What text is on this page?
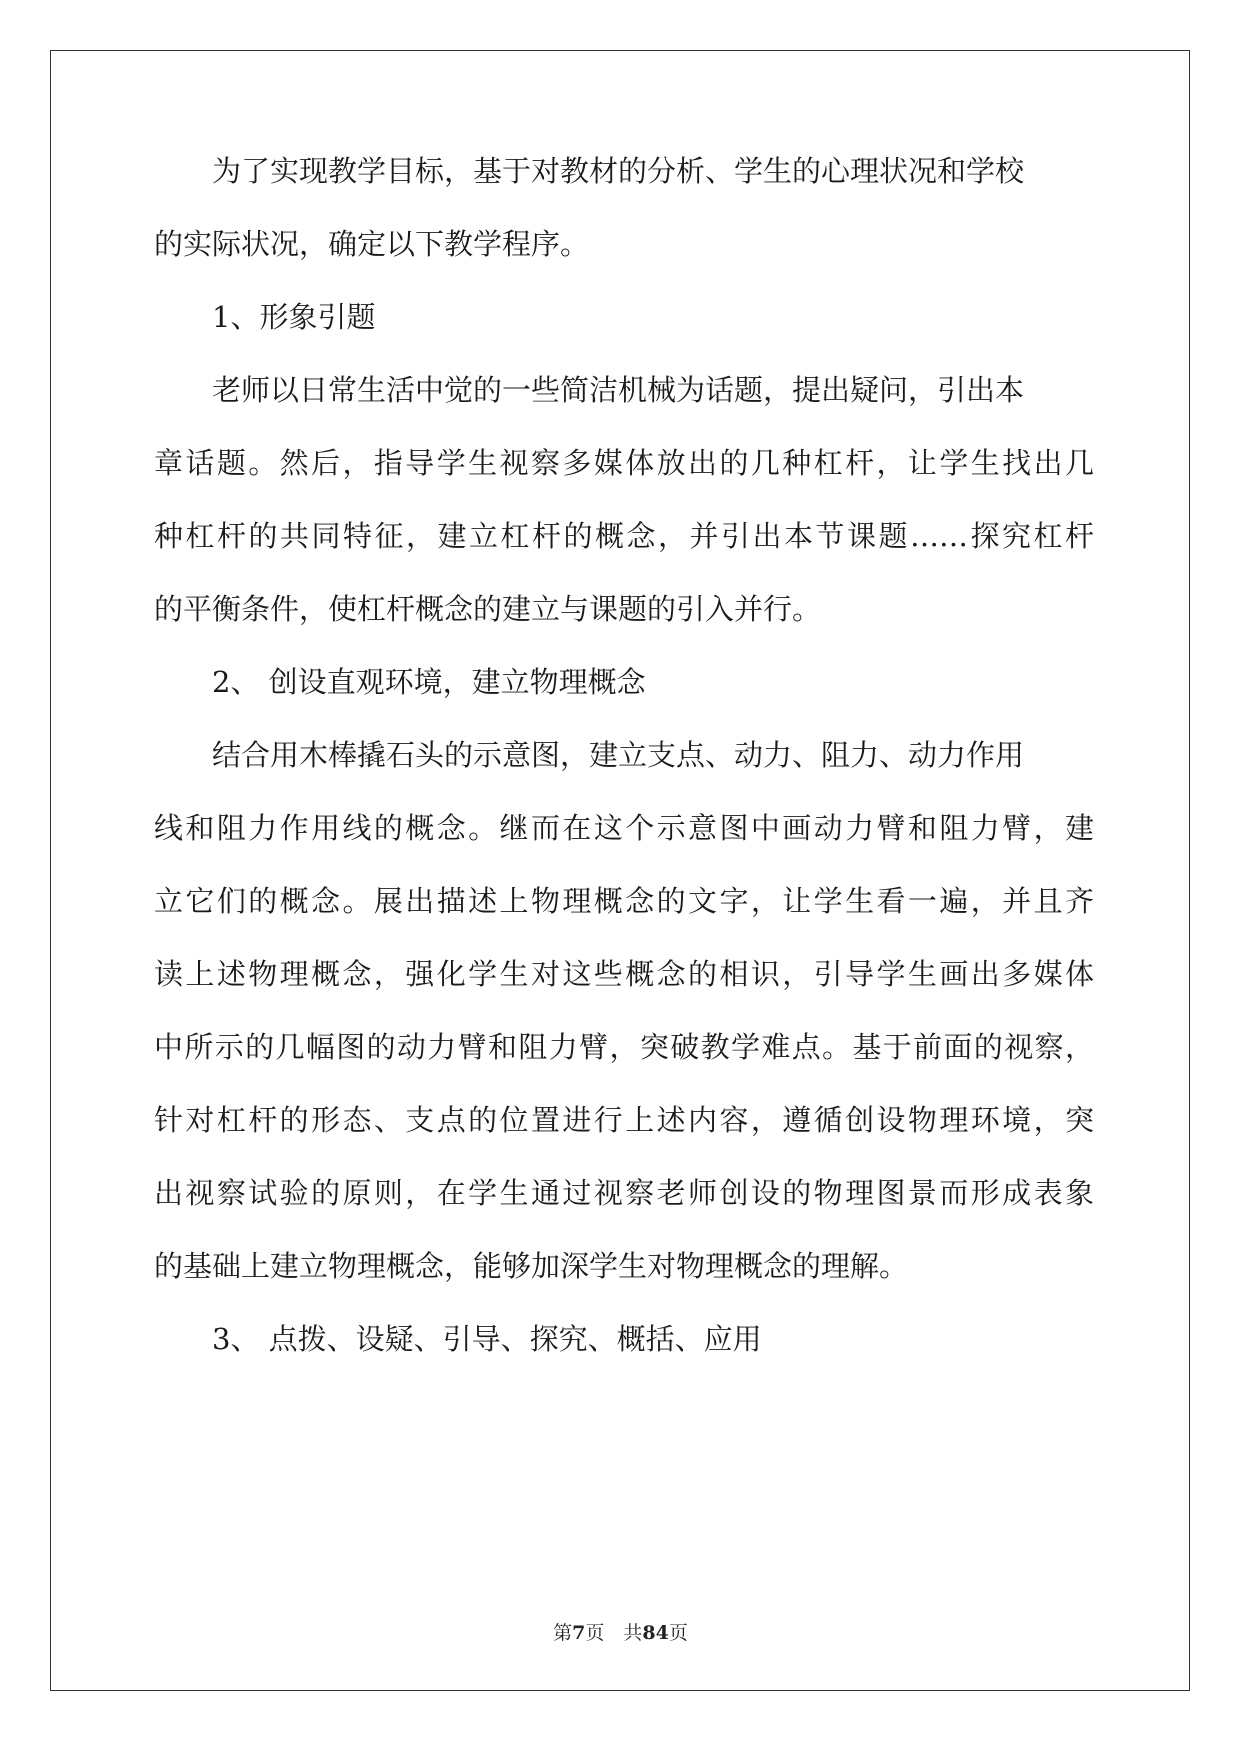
为了实现教学目标，基于对教材的分析、学生的心理状况和学校
的实际状况，确定以下教学程序。
1、形象引题
老师以日常生活中觉的一些简洁机械为话题，提出疑问，引出本
章话题。然后，指导学生视察多媒体放出的几种杠杆，让学生找出几
种杠杆的共同特征，建立杠杆的概念，并引出本节课题……探究杠杆
的平衡条件，使杠杆概念的建立与课题的引入并行。
2、 创设直观环境，建立物理概念
结合用木棒撬石头的示意图，建立支点、动力、阻力、动力作用
线和阻力作用线的概念。继而在这个示意图中画动力臂和阻力臂，建
立它们的概念。展出描述上物理概念的文字，让学生看一遍，并且齐
读上述物理概念，强化学生对这些概念的相识，引导学生画出多媒体
中所示的几幅图的动力臂和阻力臂，突破教学难点。基于前面的视察，
针对杠杆的形态、支点的位置进行上述内容，遵循创设物理环境，突
出视察试验的原则，在学生通过视察老师创设的物理图景而形成表象
的基础上建立物理概念，能够加深学生对物理概念的理解。
3、 点拨、设疑、引导、探究、概括、应用
第7页　共84页
